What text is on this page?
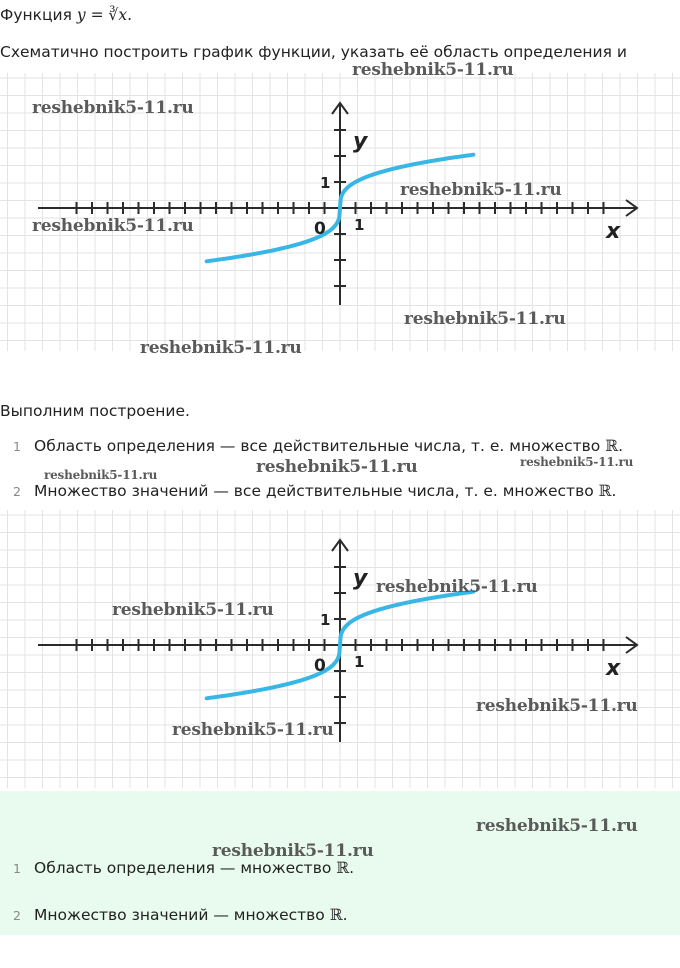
Функция y = ∛x.
Схематично построить график функции, указать её область определения и
x
y
0 1
1
Выполним построение.
1 Область определения — все действительные числа, т. е. множество ℝ.
2 Множество значений — все действительные числа, т. е. множество ℝ.
x
y
0 1
1
1 Область определения — множество ℝ.
2 Множество значений — множество ℝ.
reshebnik5-11.ru
reshebnik5-11.ru
reshebnik5-11.ru
reshebnik5-11.ru
reshebnik5-11.ru
reshebnik5-11.ru
reshebnik5-11.ru	reshebnik5-11.ru	reshebnik5-11.ru
reshebnik5-11.ru
reshebnik5-11.ru
reshebnik5-11.ru
reshebnik5-11.ru
reshebnik5-11.ru
reshebnik5-11.ru
